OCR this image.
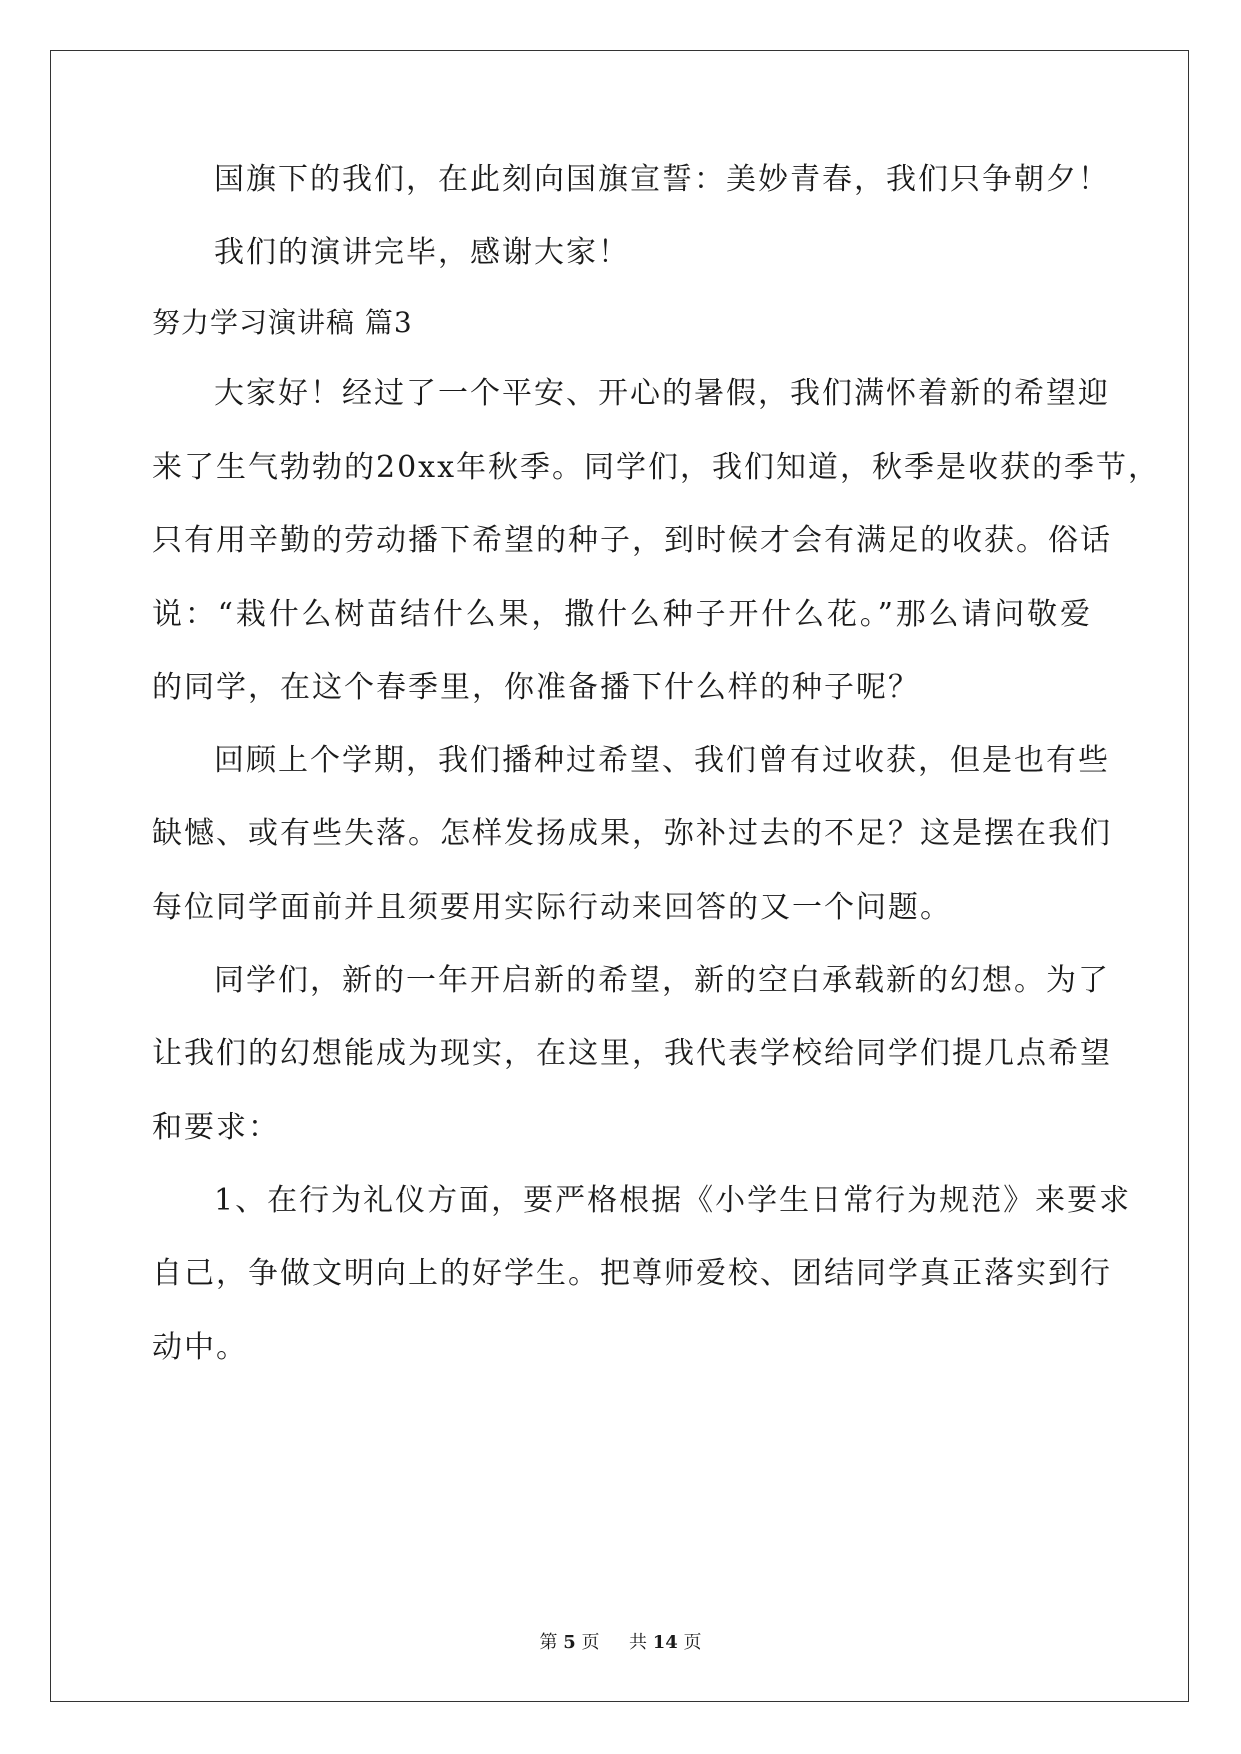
国旗下的我们，在此刻向国旗宣誓：美妙青春，我们只争朝夕！
我们的演讲完毕，感谢大家！
努力学习演讲稿 篇3
大家好！经过了一个平安、开心的暑假，我们满怀着新的希望迎
来了生气勃勃的20xx年秋季。同学们，我们知道，秋季是收获的季节，
只有用辛勤的劳动播下希望的种子，到时候才会有满足的收获。俗话
说：“栽什么树苗结什么果，撒什么种子开什么花。”那么请问敬爱
的同学，在这个春季里，你准备播下什么样的种子呢？
回顾上个学期，我们播种过希望、我们曾有过收获，但是也有些
缺憾、或有些失落。怎样发扬成果，弥补过去的不足？这是摆在我们
每位同学面前并且须要用实际行动来回答的又一个问题。
同学们，新的一年开启新的希望，新的空白承载新的幻想。为了
让我们的幻想能成为现实，在这里，我代表学校给同学们提几点希望
和要求：
1、在行为礼仪方面，要严格根据《小学生日常行为规范》来要求
自己，争做文明向上的好学生。把尊师爱校、团结同学真正落实到行
动中。
第 5 页 共 14 页
